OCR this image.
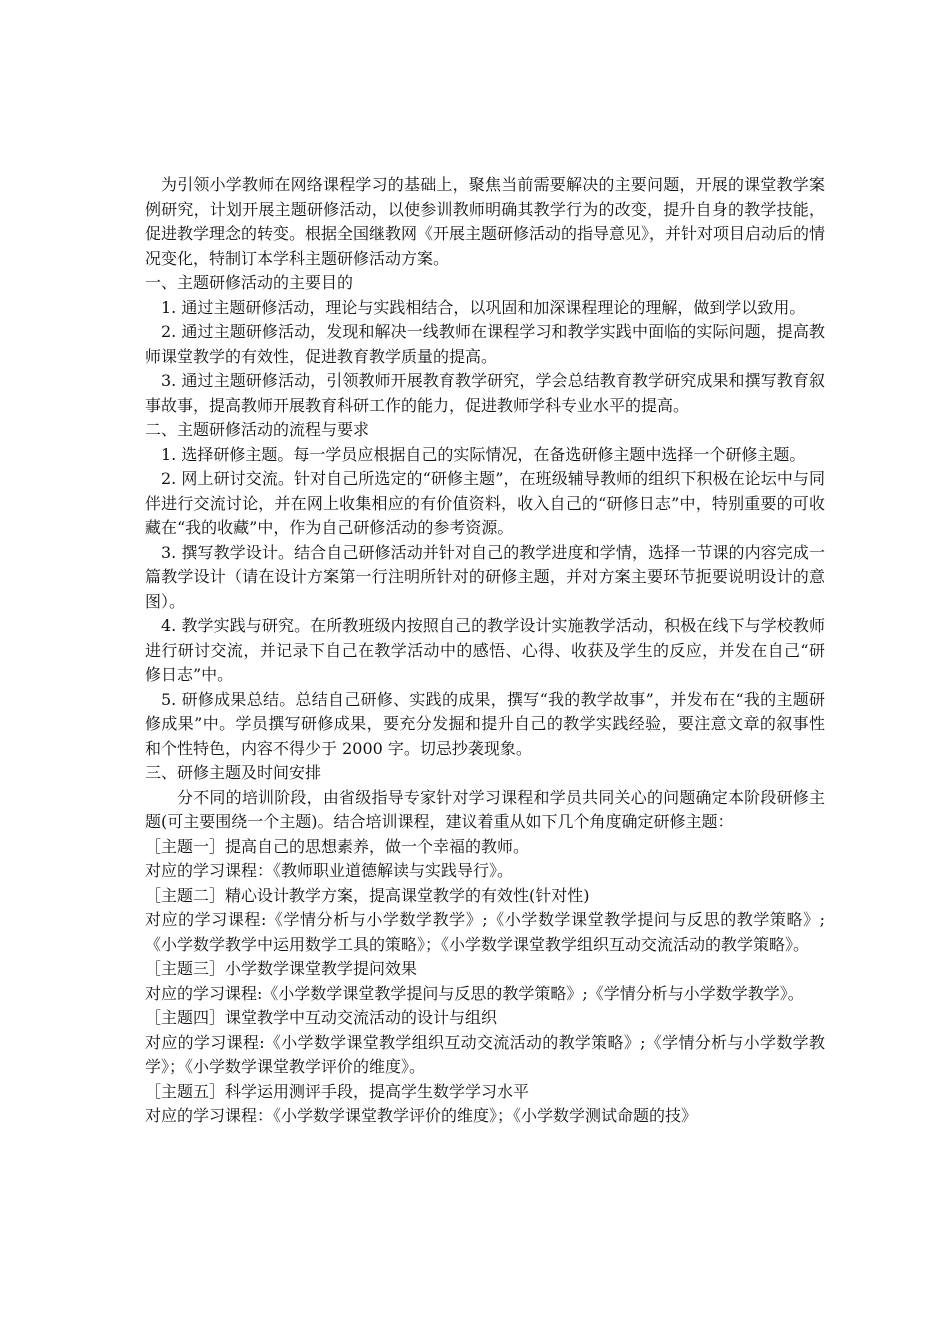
为引领小学教师在网络课程学习的基础上，聚焦当前需要解决的主要问题，开展的课堂教学案例研究，计划开展主题研修活动，以使参训教师明确其教学行为的改变，提升自身的教学技能，促进教学理念的转变。根据全国继教网《开展主题研修活动的指导意见》，并针对项目启动后的情况变化，特制订本学科主题研修活动方案。

一、主题研修活动的主要目的

1. 通过主题研修活动，理论与实践相结合，以巩固和加深课程理论的理解，做到学以致用。

2. 通过主题研修活动，发现和解决一线教师在课程学习和教学实践中面临的实际问题，提高教师课堂教学的有效性，促进教育教学质量的提高。

3. 通过主题研修活动，引领教师开展教育教学研究，学会总结教育教学研究成果和撰写教育叙事故事，提高教师开展教育科研工作的能力，促进教师学科专业水平的提高。

二、主题研修活动的流程与要求

1. 选择研修主题。每一学员应根据自己的实际情况，在备选研修主题中选择一个研修主题。

2. 网上研讨交流。针对自己所选定的“研修主题”，在班级辅导教师的组织下积极在论坛中与同伴进行交流讨论，并在网上收集相应的有价值资料，收入自己的“研修日志”中，特别重要的可收藏在“我的收藏”中，作为自己研修活动的参考资源。

3. 撰写教学设计。结合自己研修活动并针对自己的教学进度和学情，选择一节课的内容完成一篇教学设计（请在设计方案第一行注明所针对的研修主题，并对方案主要环节扼要说明设计的意图）。

4. 教学实践与研究。在所教班级内按照自己的教学设计实施教学活动，积极在线下与学校教师进行研讨交流，并记录下自己在教学活动中的感悟、心得、收获及学生的反应，并发在自己“研修日志”中。

5. 研修成果总结。总结自己研修、实践的成果，撰写“我的教学故事”，并发布在“我的主题研修成果”中。学员撰写研修成果，要充分发掘和提升自己的教学实践经验，要注意文章的叙事性和个性特色，内容不得少于 2000 字。切忌抄袭现象。

三、研修主题及时间安排

分不同的培训阶段，由省级指导专家针对学习课程和学员共同关心的问题确定本阶段研修主题(可主要围绕一个主题)。结合培训课程，建议着重从如下几个角度确定研修主题：

［主题一］提高自己的思想素养，做一个幸福的教师。

对应的学习课程：《教师职业道德解读与实践导行》。

［主题二］精心设计教学方案，提高课堂教学的有效性(针对性)

对应的学习课程:《学情分析与小学数学教学》;《小学数学课堂教学提问与反思的教学策略》;《小学数学教学中运用数学工具的策略》；《小学数学课堂教学组织互动交流活动的教学策略》。

［主题三］小学数学课堂教学提问效果

对应的学习课程:《小学数学课堂教学提问与反思的教学策略》;《学情分析与小学数学教学》。

［主题四］课堂教学中互动交流活动的设计与组织

对应的学习课程:《小学数学课堂教学组织互动交流活动的教学策略》;《学情分析与小学数学教学》；《小学数学课堂教学评价的维度》。

［主题五］科学运用测评手段，提高学生数学学习水平

对应的学习课程：《小学数学课堂教学评价的维度》；《小学数学测试命题的技》
